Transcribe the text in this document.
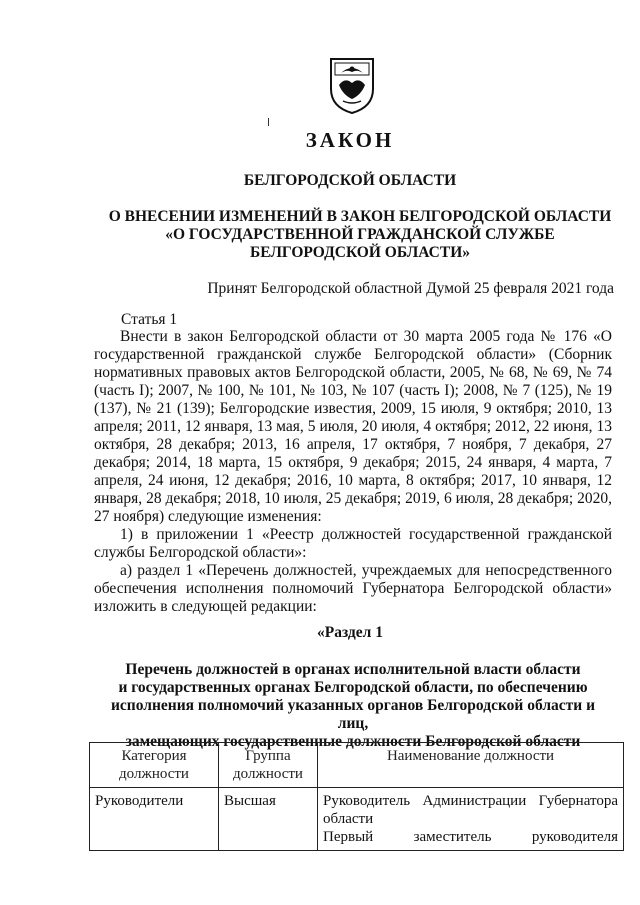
ЗАКОН
БЕЛГОРОДСКОЙ ОБЛАСТИ
О ВНЕСЕНИИ ИЗМЕНЕНИЙ В ЗАКОН БЕЛГОРОДСКОЙ ОБЛАСТИ
«О ГОСУДАРСТВЕННОЙ ГРАЖДАНСКОЙ СЛУЖБЕ
БЕЛГОРОДСКОЙ ОБЛАСТИ»
Принят Белгородской областной Думой 25 февраля 2021 года
Статья 1

Внести в закон Белгородской области от 30 марта 2005 года № 176 «О государственной гражданской службе Белгородской области» (Сборник нормативных правовых актов Белгородской области, 2005, № 68, № 69, № 74 (часть I); 2007, № 100, № 101, № 103, № 107 (часть I); 2008, № 7 (125), № 19 (137), № 21 (139); Белгородские известия, 2009, 15 июля, 9 октября; 2010, 13 апреля; 2011, 12 января, 13 мая, 5 июля, 20 июля, 4 октября; 2012, 22 июня, 13 октября, 28 декабря; 2013, 16 апреля, 17 октября, 7 ноября, 7 декабря, 27 декабря; 2014, 18 марта, 15 октября, 9 декабря; 2015, 24 января, 4 марта, 7 апреля, 24 июня, 12 декабря; 2016, 10 марта, 8 октября; 2017, 10 января, 12 января, 28 декабря; 2018, 10 июля, 25 декабря; 2019, 6 июля, 28 декабря; 2020, 27 ноября) следующие изменения:

1) в приложении 1 «Реестр должностей государственной гражданской службы Белгородской области»:

а) раздел 1 «Перечень должностей, учреждаемых для непосредственного обеспечения исполнения полномочий Губернатора Белгородской области» изложить в следующей редакции:

«Раздел 1
Перечень должностей в органах исполнительной власти области
и государственных органах Белгородской области, по обеспечению
исполнения полномочий указанных органов Белгородской области и лиц,
замещающих государственные должности Белгородской области
Категория должности	Группа должности	Наименование должности
Руководители	Высшая	Руководитель Администрации Губернатора области
Первый заместитель руководителя
